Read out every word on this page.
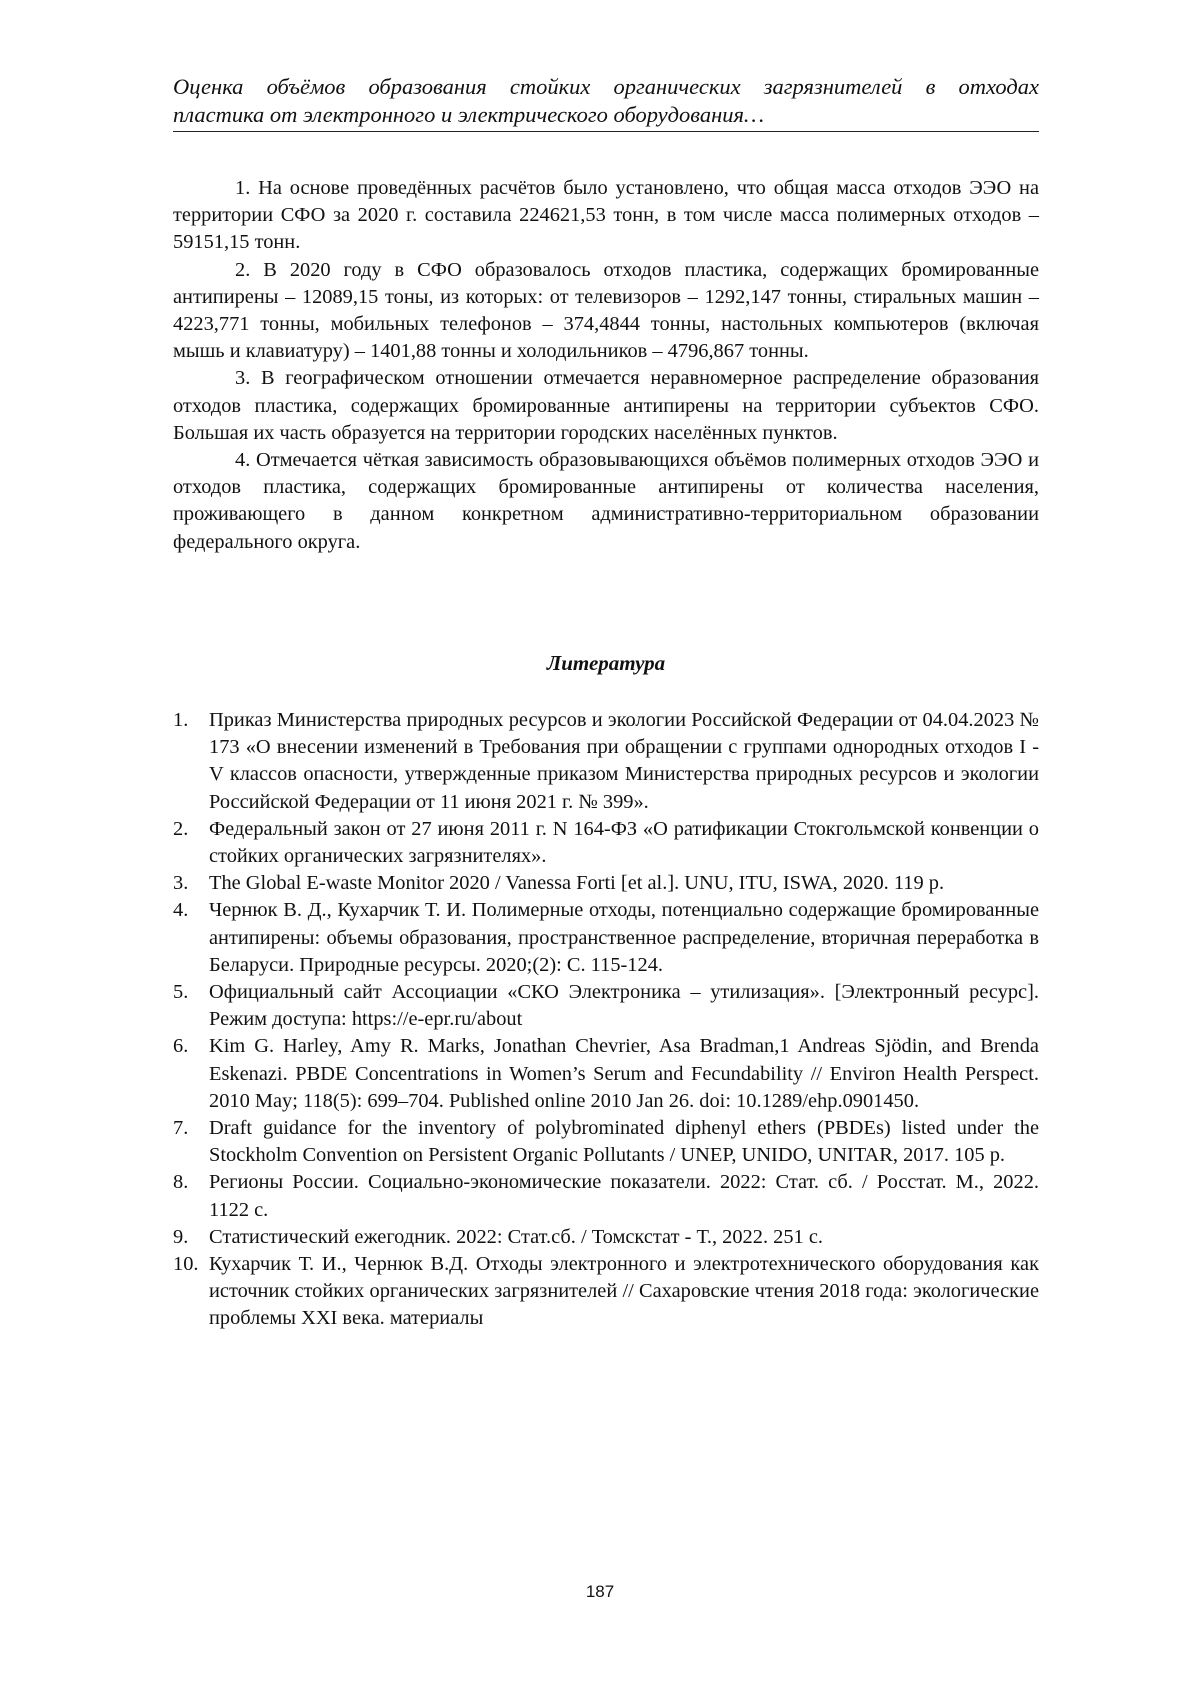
Оценка объёмов образования стойких органических загрязнителей в отходах
пластика от электронного и электрического оборудования…

1. На основе проведённых расчётов было установлено, что общая масса отходов ЭЭО на территории СФО за 2020 г. составила 224621,53 тонн, в том числе масса полимерных отходов – 59151,15 тонн.

2. В 2020 году в СФО образовалось отходов пластика, содержащих бромированные антипирены – 12089,15 тоны, из которых: от телевизоров – 1292,147 тонны, стиральных машин – 4223,771 тонны, мобильных телефонов – 374,4844 тонны, настольных компьютеров (включая мышь и клавиатуру) – 1401,88 тонны и холодильников – 4796,867 тонны.

3. В географическом отношении отмечается неравномерное распределение образования отходов пластика, содержащих бромированные антипирены на территории субъектов СФО. Большая их часть образуется на территории городских населённых пунктов.

4. Отмечается чёткая зависимость образовывающихся объёмов полимерных отходов ЭЭО и отходов пластика, содержащих бромированные антипирены от количества населения, проживающего в данном конкретном административно-территориальном образовании федерального округа.

Литература
1. Приказ Министерства природных ресурсов и экологии Российской Федерации от 04.04.2023 № 173 «О внесении изменений в Требования при обращении с группами однородных отходов I - V классов опасности, утвержденные приказом Министерства природных ресурсов и экологии Российской Федерации от 11 июня 2021 г. № 399».
2. Федеральный закон от 27 июня 2011 г. N 164-ФЗ «О ратификации Стокгольмской конвенции о стойких органических загрязнителях».
3. The Global E-waste Monitor 2020 / Vanessa Forti [et al.]. UNU, ITU, ISWA, 2020. 119 p.
4. Чернюк В. Д., Кухарчик Т. И. Полимерные отходы, потенциально содержащие бромированные антипирены: объемы образования, пространственное распределение, вторичная переработка в Беларуси. Природные ресурсы. 2020;(2): С. 115-124.
5. Официальный сайт Ассоциации «СКО Электроника – утилизация». [Электронный ресурс]. Режим доступа: https://e-epr.ru/about
6. Kim G. Harley, Amy R. Marks, Jonathan Chevrier, Asa Bradman,1 Andreas Sjödin, and Brenda Eskenazi. PBDE Concentrations in Women’s Serum and Fecundability // Environ Health Perspect. 2010 May; 118(5): 699–704. Published online 2010 Jan 26. doi: 10.1289/ehp.0901450.
7. Draft guidance for the inventory of polybrominated diphenyl ethers (PBDEs) listed under the Stockholm Convention on Persistent Organic Pollutants / UNEP, UNIDO, UNITAR, 2017. 105 p.
8. Регионы России. Социально-экономические показатели. 2022: Стат. сб. / Росстат. М., 2022. 1122 с.
9. Статистический ежегодник. 2022: Стат.сб. / Томскстат - Т., 2022. 251 с.
10. Кухарчик Т. И., Чернюк В.Д. Отходы электронного и электротехнического оборудования как источник стойких органических загрязнителей // Сахаровские чтения 2018 года: экологические проблемы XXI века. материалы
187
